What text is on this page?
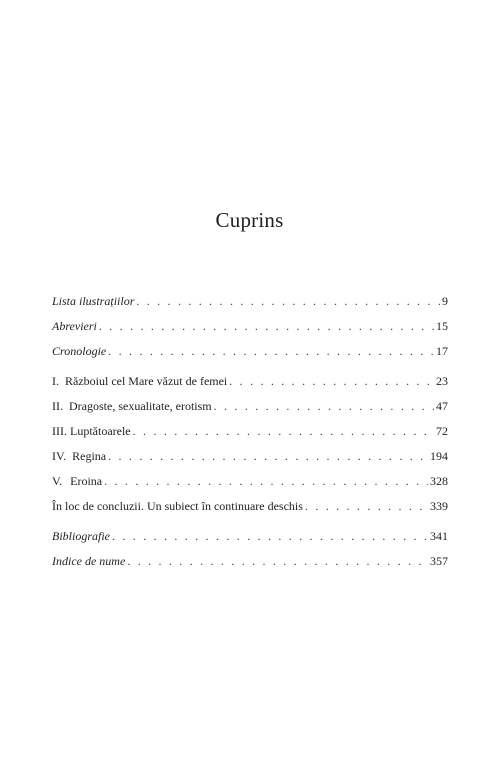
Cuprins
Lista ilustrațiilor . . .	9
Abrevieri . . .	15
Cronologie . . .	17
I. Războiul cel Mare văzut de femei . . .	23
II. Dragoste, sexualitate, erotism . . .	47
III. Luptătoarele . . .	72
IV. Regina . . .	194
V. Eroina . . .	328
În loc de concluzii. Un subiect în continuare deschis . . .	339
Bibliografie . . .	341
Indice de nume . . .	357
